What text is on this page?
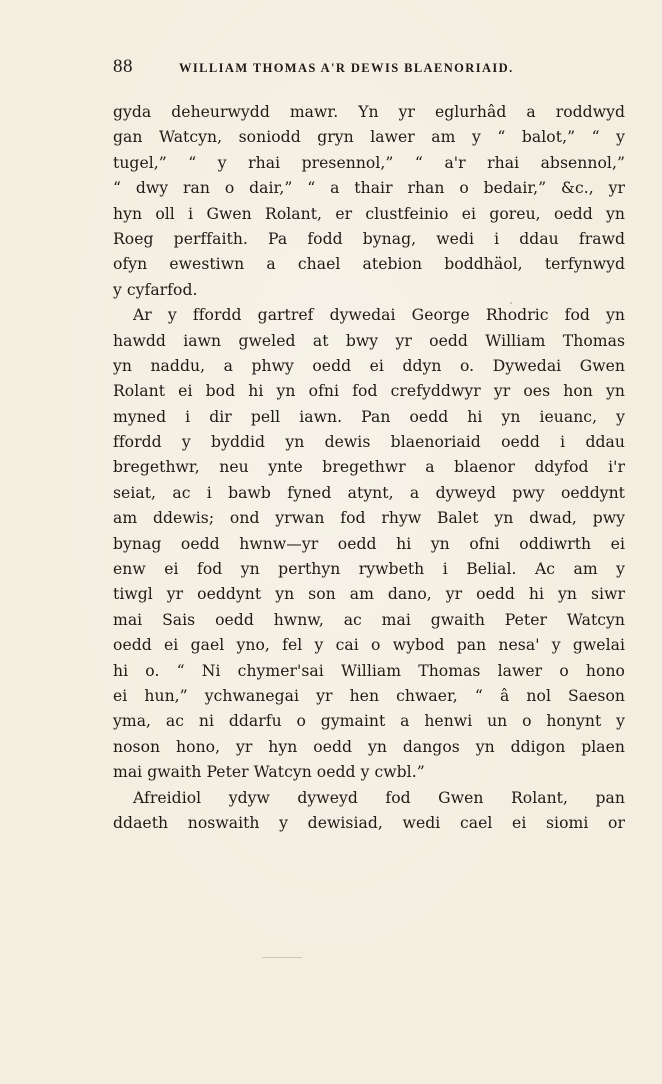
88	WILLIAM THOMAS A'R DEWIS BLAENORIAID.
gyda deheurwydd mawr. Yn yr eglurhâd a roddwyd
gan Watcyn, soniodd gryn lawer am y “ balot,” “ y
tugel,” “ y rhai presennol,” “ a'r rhai absennol,”
“ dwy ran o dair,” “ a thair rhan o bedair,” &c., yr
hyn oll i Gwen Rolant, er clustfeinio ei goreu, oedd yn
Roeg perffaith. Pa fodd bynag, wedi i ddau frawd
ofyn ewestiwn a chael atebion boddhäol, terfynwyd
y cyfarfod.
Ar y ffordd gartref dywedai George Rhodric fod yn
hawdd iawn gweled at bwy yr oedd William Thomas
yn naddu, a phwy oedd ei ddyn o. Dywedai Gwen
Rolant ei bod hi yn ofni fod crefyddwyr yr oes hon yn
myned i dir pell iawn. Pan oedd hi yn ieuanc, y
ffordd y byddid yn dewis blaenoriaid oedd i ddau
bregethwr, neu ynte bregethwr a blaenor ddyfod i'r
seiat, ac i bawb fyned atynt, a dyweyd pwy oeddynt
am ddewis; ond yrwan fod rhyw Balet yn dwad, pwy
bynag oedd hwnw—yr oedd hi yn ofni oddiwrth ei
enw ei fod yn perthyn rywbeth i Belial. Ac am y
tiwgl yr oeddynt yn son am dano, yr oedd hi yn siwr
mai Sais oedd hwnw, ac mai gwaith Peter Watcyn
oedd ei gael yno, fel y cai o wybod pan nesa' y gwelai
hi o. “ Ni chymer'sai William Thomas lawer o hono
ei hun,” ychwanegai yr hen chwaer, “ â nol Saeson
yma, ac ni ddarfu o gymaint a henwi un o honynt y
noson hono, yr hyn oedd yn dangos yn ddigon plaen
mai gwaith Peter Watcyn oedd y cwbl.”
Afreidiol ydyw dyweyd fod Gwen Rolant, pan
ddaeth noswaith y dewisiad, wedi cael ei siomi or
